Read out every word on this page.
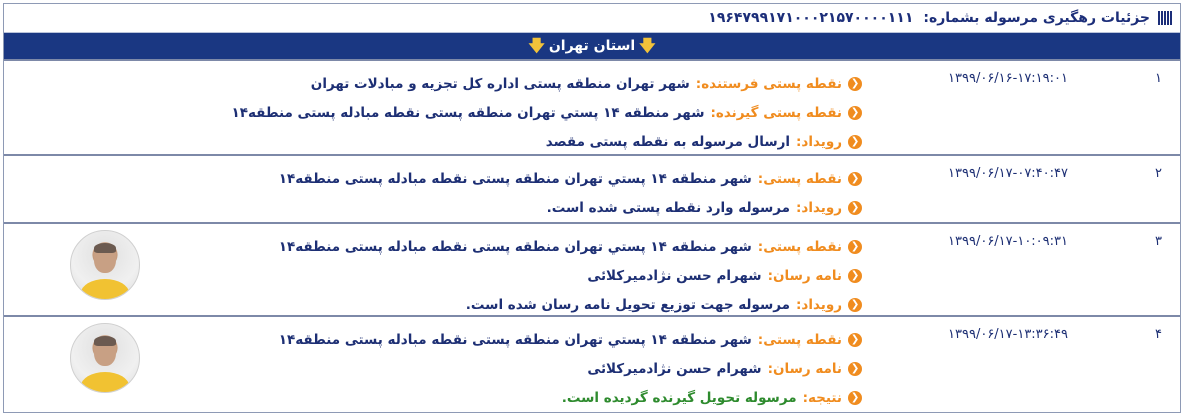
جزئیات رهگیری مرسوله بشماره:
۱۹۶۴۷۹۹۱۷۱۰۰۰۲۱۵۷۰۰۰۰۱۱۱
🡇
استان تهران
🡇
۱
۱۳۹۹/۰۶/۱۶-۱۷:۱۹:۰۱
❮
نقطه پستی فرستنده:
شهر تهران منطقه پستی اداره کل تجزیه و مبادلات تهران
❮
نقطه پستی گیرنده:
شهر منطقه ۱۴ پستي تهران منطقه پستی نقطه مبادله پستی منطقه۱۴
❮
رویداد:
ارسال مرسوله به نقطه پستی مقصد
۲
۱۳۹۹/۰۶/۱۷-۰۷:۴۰:۴۷
❮
نقطه پستی:
شهر منطقه ۱۴ پستي تهران منطقه پستی نقطه مبادله پستی منطقه۱۴
❮
رویداد:
مرسوله وارد نقطه پستی شده است.
۳
۱۳۹۹/۰۶/۱۷-۱۰:۰۹:۳۱
❮
نقطه پستی:
شهر منطقه ۱۴ پستي تهران منطقه پستی نقطه مبادله پستی منطقه۱۴
❮
نامه رسان:
شهرام حسن نژادمیرکلائی
❮
رویداد:
مرسوله جهت توزیع تحویل نامه رسان شده است.
۴
۱۳۹۹/۰۶/۱۷-۱۳:۳۶:۴۹
❮
نقطه پستی:
شهر منطقه ۱۴ پستي تهران منطقه پستی نقطه مبادله پستی منطقه۱۴
❮
نامه رسان:
شهرام حسن نژادمیرکلائی
❮
نتیجه:
مرسوله تحویل گیرنده گردیده است.
